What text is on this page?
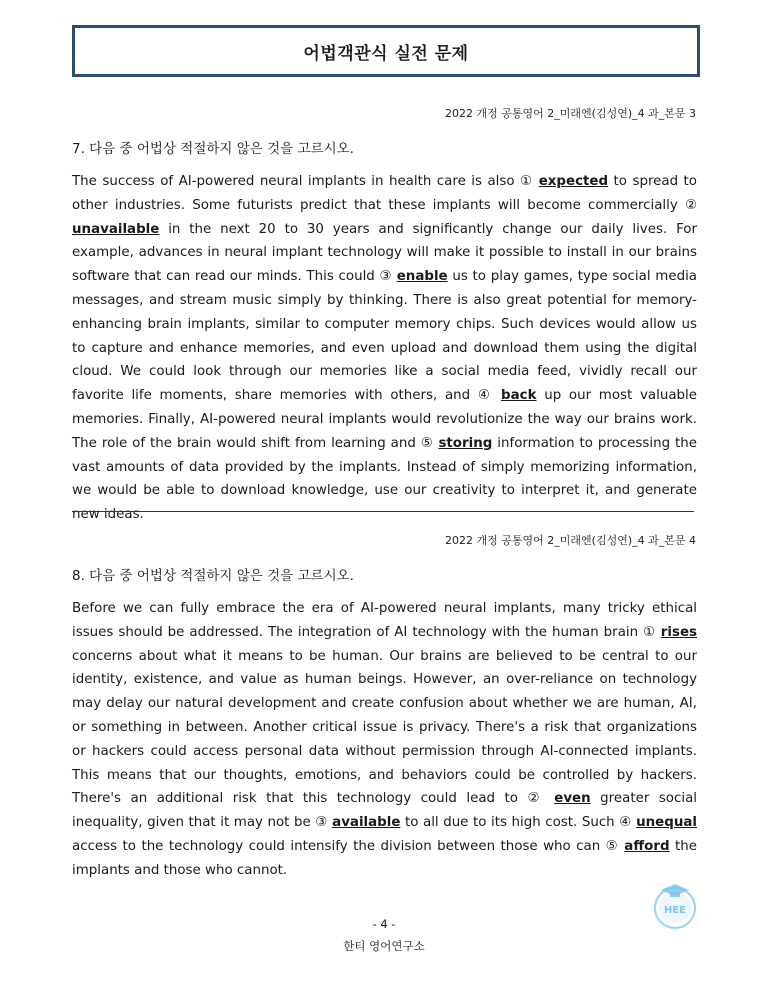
어법객관식 실전 문제
2022 개정 공통영어 2_미래엔(김성연)_4 과_본문 3
7. 다음 중 어법상 적절하지 않은 것을 고르시오.
The success of AI-powered neural implants in health care is also ① expected to spread to other industries. Some futurists predict that these implants will become commercially ② unavailable in the next 20 to 30 years and significantly change our daily lives. For example, advances in neural implant technology will make it possible to install in our brains software that can read our minds. This could ③ enable us to play games, type social media messages, and stream music simply by thinking. There is also great potential for memory-enhancing brain implants, similar to computer memory chips. Such devices would allow us to capture and enhance memories, and even upload and download them using the digital cloud. We could look through our memories like a social media feed, vividly recall our favorite life moments, share memories with others, and ④ back up our most valuable memories. Finally, AI-powered neural implants would revolutionize the way our brains work. The role of the brain would shift from learning and ⑤ storing information to processing the vast amounts of data provided by the implants. Instead of simply memorizing information, we would be able to download knowledge, use our creativity to interpret it, and generate new ideas.
2022 개정 공통영어 2_미래엔(김성연)_4 과_본문 4
8. 다음 중 어법상 적절하지 않은 것을 고르시오.
Before we can fully embrace the era of AI-powered neural implants, many tricky ethical issues should be addressed. The integration of AI technology with the human brain ① rises concerns about what it means to be human. Our brains are believed to be central to our identity, existence, and value as human beings. However, an over-reliance on technology may delay our natural development and create confusion about whether we are human, AI, or something in between. Another critical issue is privacy. There's a risk that organizations or hackers could access personal data without permission through AI-connected implants. This means that our thoughts, emotions, and behaviors could be controlled by hackers. There's an additional risk that this technology could lead to ② even greater social inequality, given that it may not be ③ available to all due to its high cost. Such ④ unequal access to the technology could intensify the division between those who can ⑤ afford the implants and those who cannot.
HEE
- 4 -
한티 영어연구소
